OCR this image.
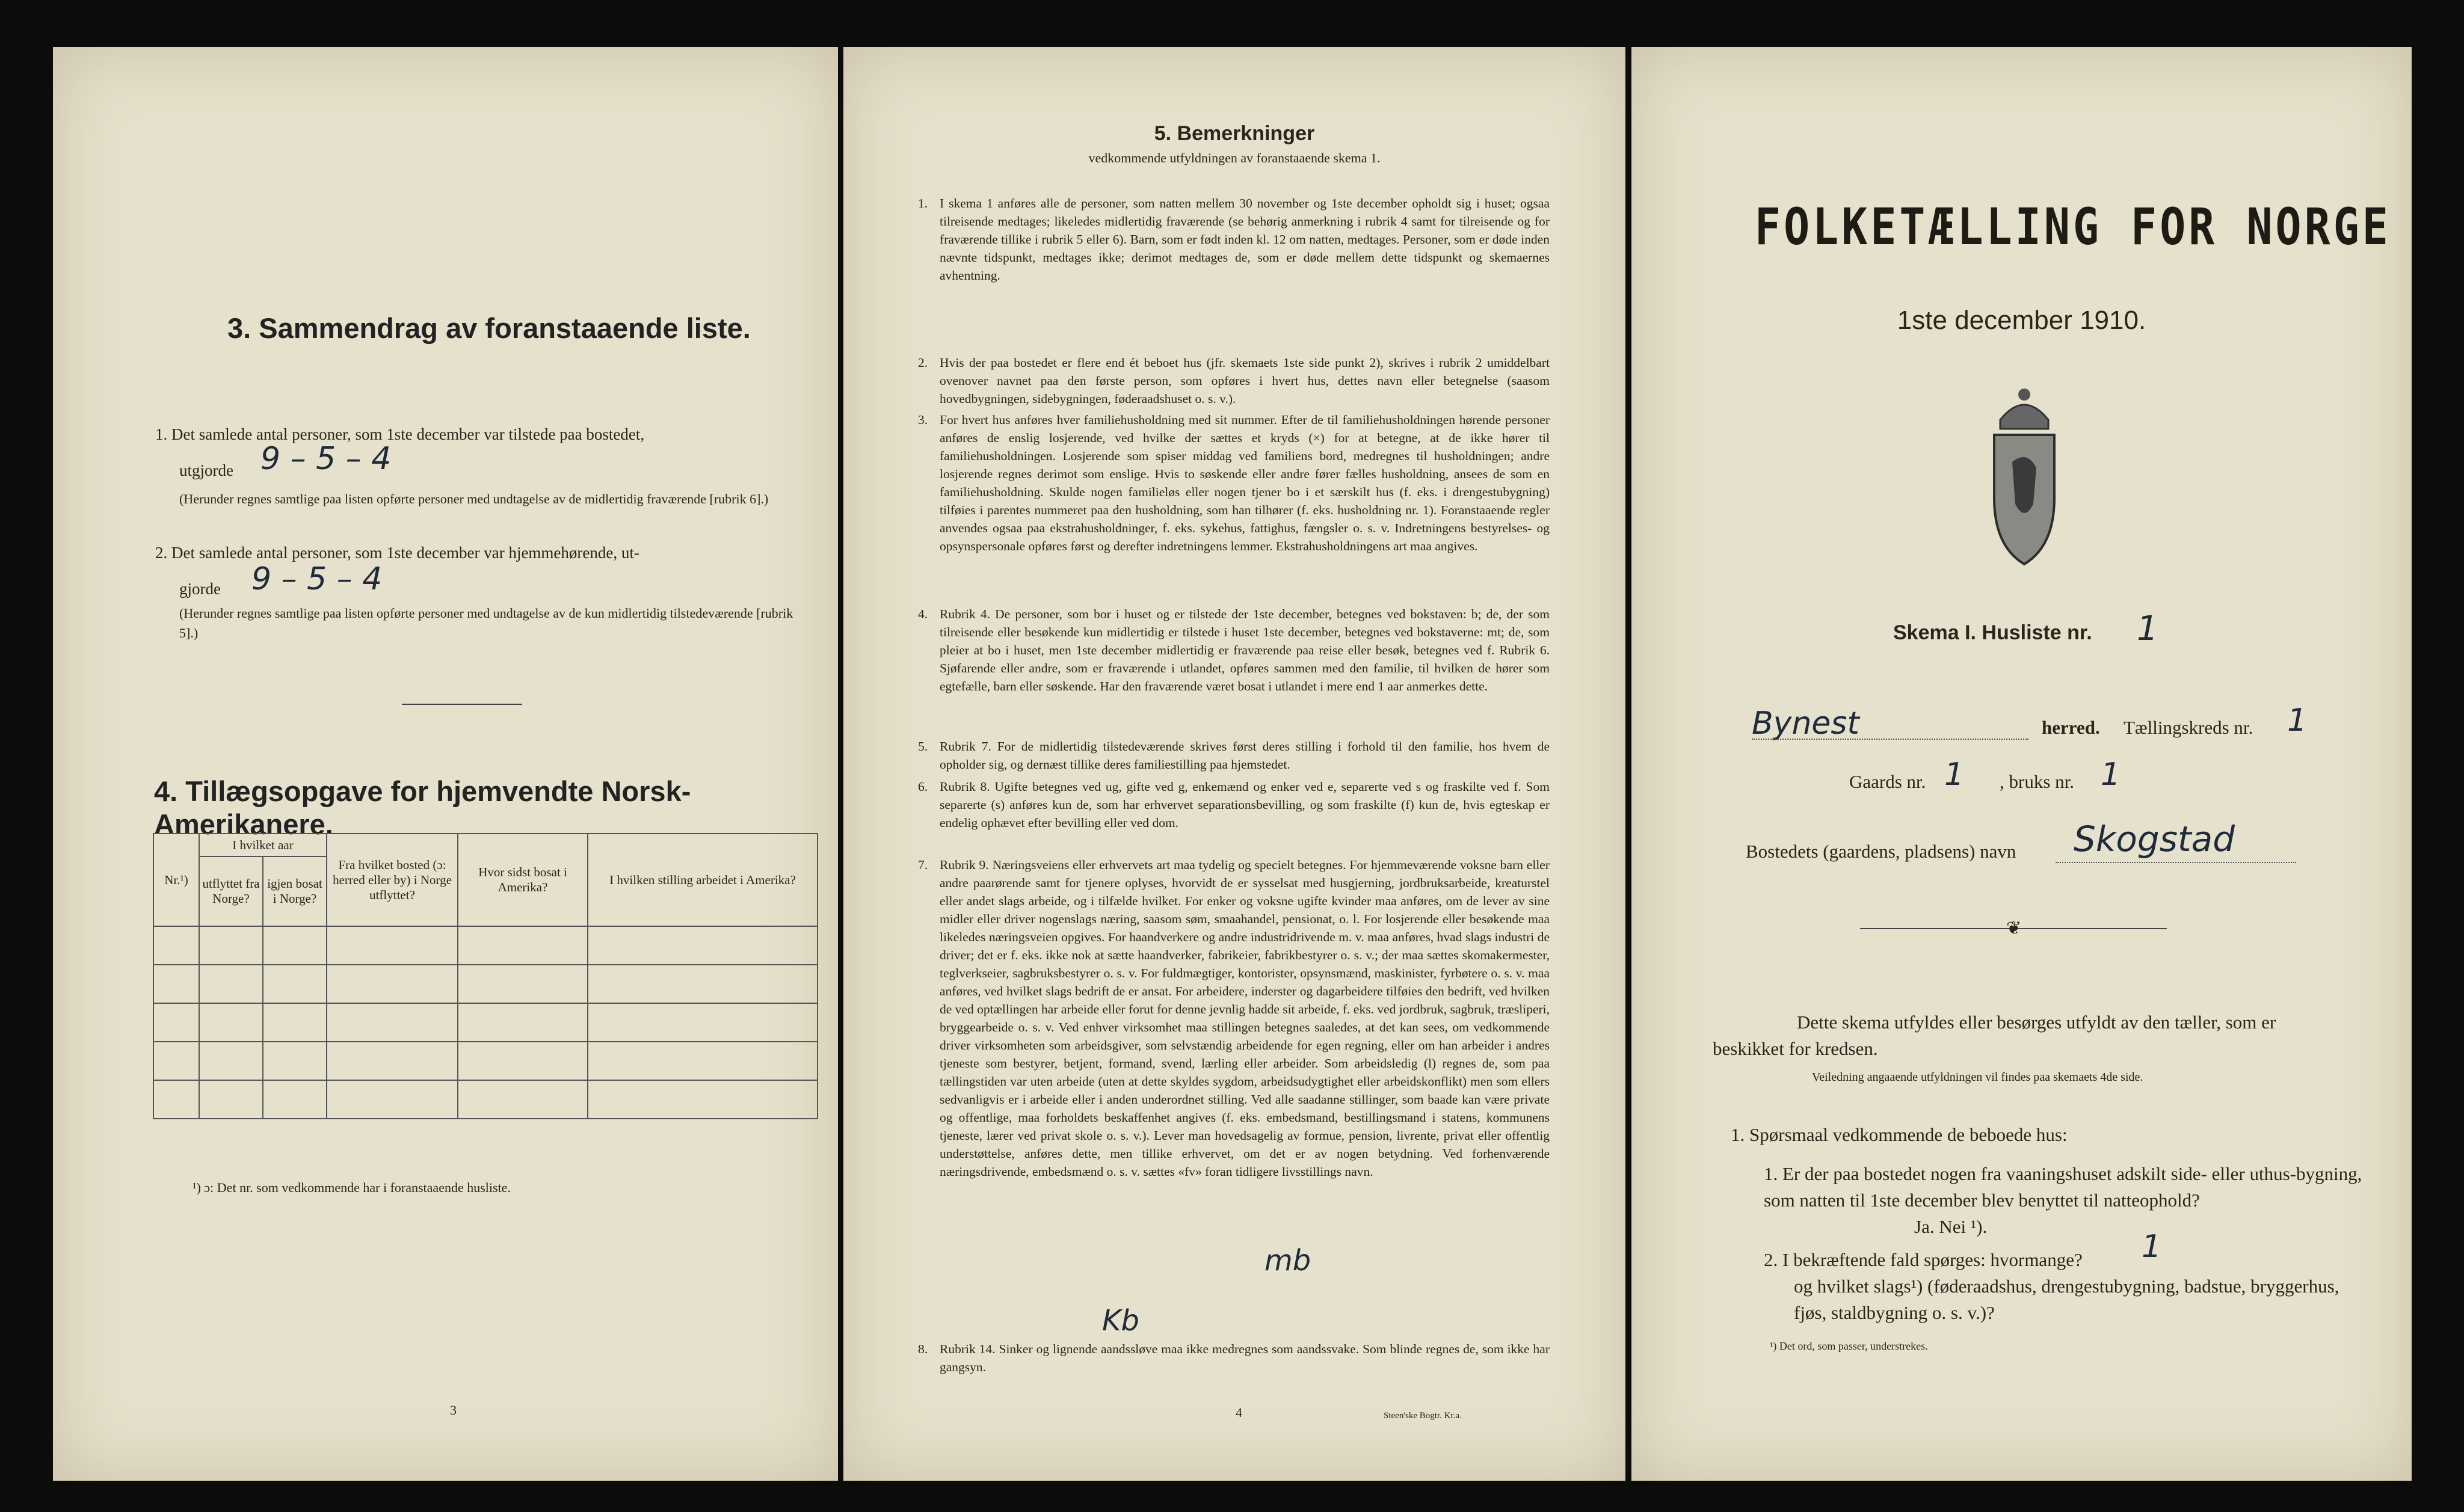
3. Sammendrag av foranstaaende liste.
1. Det samlede antal personer, som 1ste december var tilstede paa bostedet,
utgjorde 9 – 5 – 4
(Herunder regnes samtlige paa listen opførte personer med undtagelse av de midlertidig fraværende [rubrik 6].)
2. Det samlede antal personer, som 1ste december var hjemmehørende, ut-
gjorde 9 – 5 – 4
(Herunder regnes samtlige paa listen opførte personer med undtagelse av de kun midlertidig tilstedeværende [rubrik 5].)
4. Tillægsopgave for hjemvendte Norsk-Amerikanere.
Nr.¹)	I hvilket aar		Fra hvilket bosted (ɔ: herred eller by) i Norge utflyttet?	Hvor sidst bosat i Amerika?	I hvilken stilling arbeidet i Amerika?
	utflyttet fra Norge?	igjen bosat i Norge?			

¹) ɔ: Det nr. som vedkommende har i foranstaaende husliste.
3
5. Bemerkninger
vedkommende utfyldningen av foranstaaende skema 1.
1. I skema 1 anføres alle de personer, som natten mellem 30 november og 1ste december opholdt sig i huset; ogsaa tilreisende medtages; likeledes midlertidig fraværende (se behørig anmerkning i rubrik 4 samt for tilreisende og for fraværende tillike i rubrik 5 eller 6). Barn, som er født inden kl. 12 om natten, medtages. Personer, som er døde inden nævnte tidspunkt, medtages ikke; derimot medtages de, som er døde mellem dette tidspunkt og skemaernes avhentning.
2. Hvis der paa bostedet er flere end ét beboet hus (jfr. skemaets 1ste side punkt 2), skrives i rubrik 2 umiddelbart ovenover navnet paa den første person, som opføres i hvert hus, dettes navn eller betegnelse (saasom hovedbygningen, sidebygningen, føderaadshuset o. s. v.).
3. For hvert hus anføres hver familiehusholdning med sit nummer. Efter de til familiehusholdningen hørende personer anføres de enslig losjerende, ved hvilke der sættes et kryds (×) for at betegne, at de ikke hører til familiehusholdningen. Losjerende som spiser middag ved familiens bord, medregnes til husholdningen; andre losjerende regnes derimot som enslige. Hvis to søskende eller andre fører fælles husholdning, ansees de som en familiehusholdning. Skulde nogen familieløs eller nogen tjener bo i et særskilt hus (f. eks. i drengestubygning) tilføies i parentes nummeret paa den husholdning, som han tilhører (f. eks. husholdning nr. 1). Foranstaaende regler anvendes ogsaa paa ekstrahusholdninger, f. eks. sykehus, fattighus, fængsler o. s. v. Indretningens bestyrelses- og opsynspersonale opføres først og derefter indretningens lemmer. Ekstrahusholdningens art maa angives.
4. Rubrik 4. De personer, som bor i huset og er tilstede der 1ste december, betegnes ved bokstaven: b; de, der som tilreisende eller besøkende kun midlertidig er tilstede i huset 1ste december, betegnes ved bokstaverne: mt; de, som pleier at bo i huset, men 1ste december midlertidig er fraværende paa reise eller besøk, betegnes ved f. Rubrik 6. Sjøfarende eller andre, som er fraværende i utlandet, opføres sammen med den familie, til hvilken de hører som egtefælle, barn eller søskende. Har den fraværende været bosat i utlandet i mere end 1 aar anmerkes dette.
5. Rubrik 7. For de midlertidig tilstedeværende skrives først deres stilling i forhold til den familie, hos hvem de opholder sig, og dernæst tillike deres familiestilling paa hjemstedet.
6. Rubrik 8. Ugifte betegnes ved ug, gifte ved g, enkemænd og enker ved e, separerte ved s og fraskilte ved f. Som separerte (s) anføres kun de, som har erhvervet separationsbevilling, og som fraskilte (f) kun de, hvis egteskap er endelig ophævet efter bevilling eller ved dom.
7. Rubrik 9. Næringsveiens eller erhvervets art maa tydelig og specielt betegnes. For hjemmeværende voksne barn eller andre paarørende samt for tjenere oplyses, hvorvidt de er sysselsat med husgjerning, jordbruksarbeide, kreaturstel eller andet slags arbeide, og i tilfælde hvilket. For enker og voksne ugifte kvinder maa anføres, om de lever av sine midler eller driver nogenslags næring, saasom søm, smaahandel, pensionat, o. l. For losjerende eller besøkende maa likeledes næringsveien opgives. For haandverkere og andre industridrivende m. v. maa anføres, hvad slags industri de driver; det er f. eks. ikke nok at sætte haandverker, fabrikeier, fabrikbestyrer o. s. v.; der maa sættes skomakermester, teglverkseier, sagbruksbestyrer o. s. v. For fuldmægtiger, kontorister, opsynsmænd, maskinister, fyrbøtere o. s. v. maa anføres, ved hvilket slags bedrift de er ansat. For arbeidere, inderster og dagarbeidere tilføies den bedrift, ved hvilken de ved optællingen har arbeide eller forut for denne jevnlig hadde sit arbeide, f. eks. ved jordbruk, sagbruk, træsliperi, bryggearbeide o. s. v. Ved enhver virksomhet maa stillingen betegnes saaledes, at det kan sees, om vedkommende driver virksomheten som arbeidsgiver, som selvstændig arbeidende for egen regning, eller om han arbeider i andres tjeneste som bestyrer, betjent, formand, svend, lærling eller arbeider. Som arbeidsledig (l) regnes de, som paa tællingstiden var uten arbeide (uten at dette skyldes sygdom, arbeidsudygtighet eller arbeidskonflikt) men som ellers sedvanligvis er i arbeide eller i anden underordnet stilling. Ved alle saadanne stillinger, som baade kan være private og offentlige, maa forholdets beskaffenhet angives (f. eks. embedsmand, bestillingsmand i statens, kommunens tjeneste, lærer ved privat skole o. s. v.). Lever man hovedsagelig av formue, pension, livrente, privat eller offentlig understøttelse, anføres dette, men tillike erhvervet, om det er av nogen betydning. Ved forhenværende næringsdrivende, embedsmænd o. s. v. sættes «fv» foran tidligere livsstillings navn.
8. Rubrik 14. Sinker og lignende aandssløve maa ikke medregnes som aandssvake. Som blinde regnes de, som ikke har gangsyn.
mb
Kb
4	Steen'ske Bogtr. Kr.a.
FOLKETÆLLING FOR NORGE
1ste december 1910.
Skema I. Husliste nr. 1
Bynest	herred. Tællingskreds nr. 1
Gaards nr. 1 , bruks nr. 1
Bostedets (gaardens, pladsens) navn Skogstad
❦
Dette skema utfyldes eller besørges utfyldt av den tæller, som er beskikket for kredsen.
Veiledning angaaende utfyldningen vil findes paa skemaets 4de side.
1. Spørsmaal vedkommende de beboede hus:
1. Er der paa bostedet nogen fra vaaningshuset adskilt side- eller uthus-bygning, som natten til 1ste december blev benyttet til natteophold?
Ja. Nei ¹).
2. I bekræftende fald spørges: hvormange?	1
og hvilket slags¹) (føderaadshus, drengestubygning, badstue, bryggerhus, fjøs, staldbygning o. s. v.)?
¹) Det ord, som passer, understrekes.
